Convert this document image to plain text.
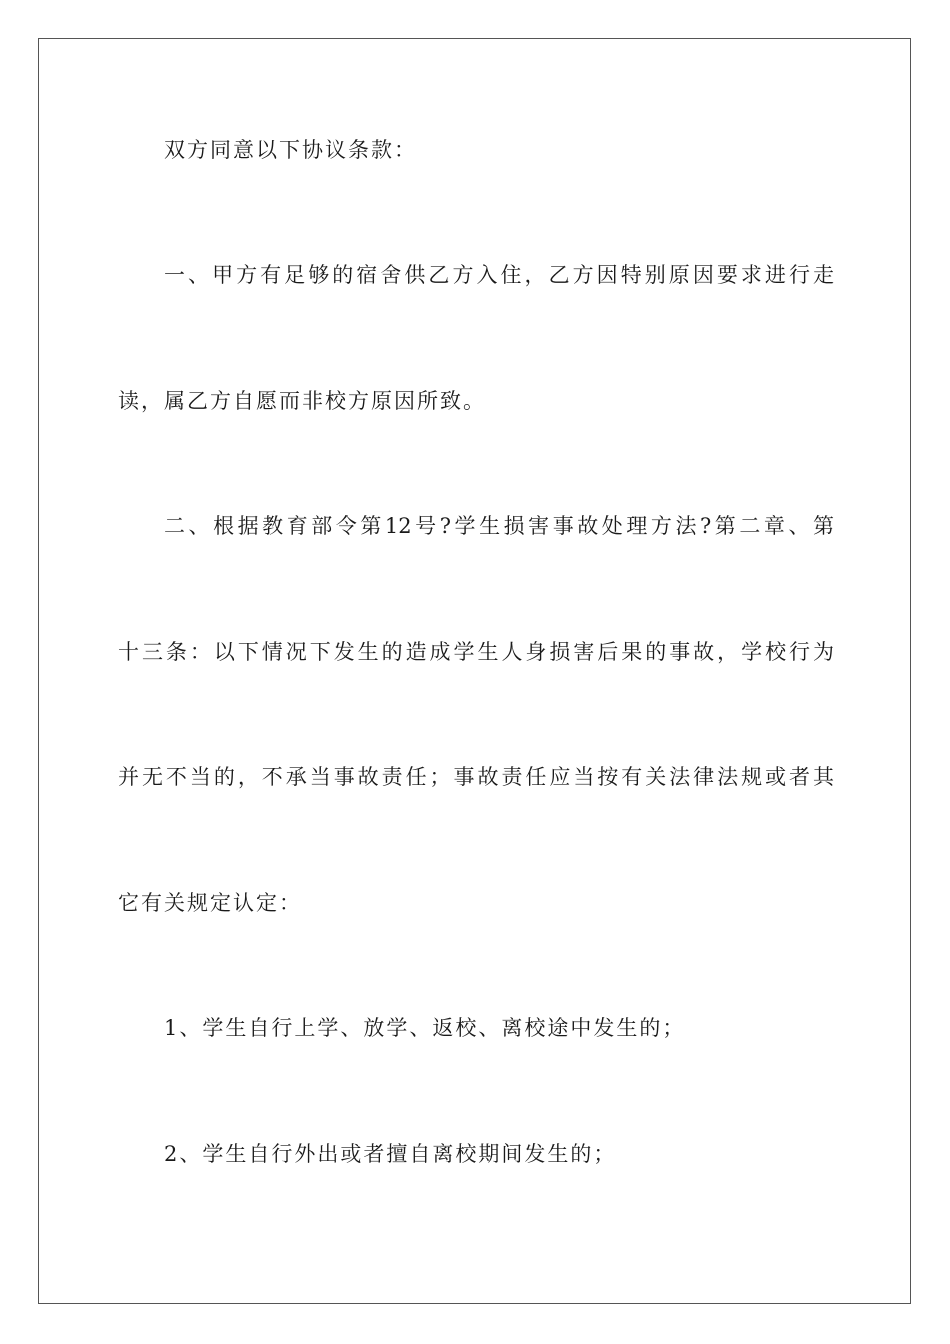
双方同意以下协议条款：
一、甲方有足够的宿舍供乙方入住，乙方因特别原因要求进行走
读，属乙方自愿而非校方原因所致。
二、根据教育部令第12号?学生损害事故处理方法?第二章、第
十三条：以下情况下发生的造成学生人身损害后果的事故，学校行为
并无不当的，不承当事故责任；事故责任应当按有关法律法规或者其
它有关规定认定：
1、学生自行上学、放学、返校、离校途中发生的；
2、学生自行外出或者擅自离校期间发生的；
